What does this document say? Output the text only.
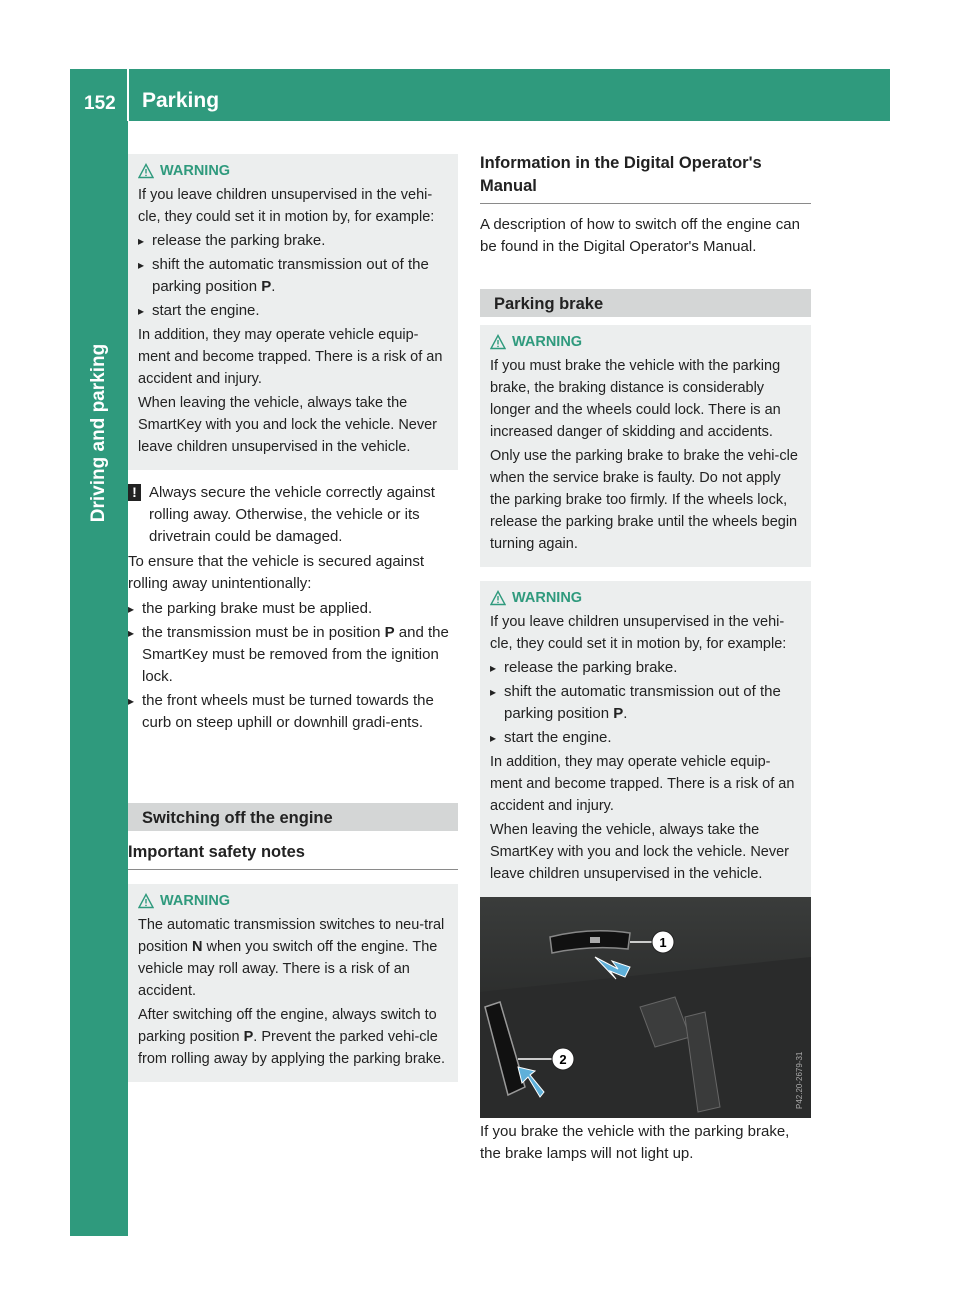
152 Parking
Driving and parking
WARNING

If you leave children unsupervised in the vehi-cle, they could set it in motion by, for example:

▸ release the parking brake.
▸ shift the automatic transmission out of the parking position P.
▸ start the engine.

In addition, they may operate vehicle equip-ment and become trapped. There is a risk of an accident and injury.

When leaving the vehicle, always take the SmartKey with you and lock the vehicle. Never leave children unsupervised in the vehicle.

! Always secure the vehicle correctly against rolling away. Otherwise, the vehicle or its drivetrain could be damaged.

To ensure that the vehicle is secured against rolling away unintentionally:

▸ the parking brake must be applied.
▸ the transmission must be in position P and the SmartKey must be removed from the ignition lock.
▸ the front wheels must be turned towards the curb on steep uphill or downhill gradi-ents.
Switching off the engine
Important safety notes
WARNING

The automatic transmission switches to neu-tral position N when you switch off the engine. The vehicle may roll away. There is a risk of an accident.

After switching off the engine, always switch to parking position P. Prevent the parked vehi-cle from rolling away by applying the parking brake.

Information in the Digital Operator's Manual

A description of how to switch off the engine can be found in the Digital Operator's Manual.

Parking brake
WARNING

If you must brake the vehicle with the parking brake, the braking distance is considerably longer and the wheels could lock. There is an increased danger of skidding and accidents.

Only use the parking brake to brake the vehi-cle when the service brake is faulty. Do not apply the parking brake too firmly. If the wheels lock, release the parking brake until the wheels begin turning again.

WARNING

If you leave children unsupervised in the vehi-cle, they could set it in motion by, for example:

▸ release the parking brake.
▸ shift the automatic transmission out of the parking position P.
▸ start the engine.

In addition, they may operate vehicle equip-ment and become trapped. There is a risk of an accident and injury.

When leaving the vehicle, always take the SmartKey with you and lock the vehicle. Never leave children unsupervised in the vehicle.

1
2	P42.20-2679-31

If you brake the vehicle with the parking brake, the brake lamps will not light up.
